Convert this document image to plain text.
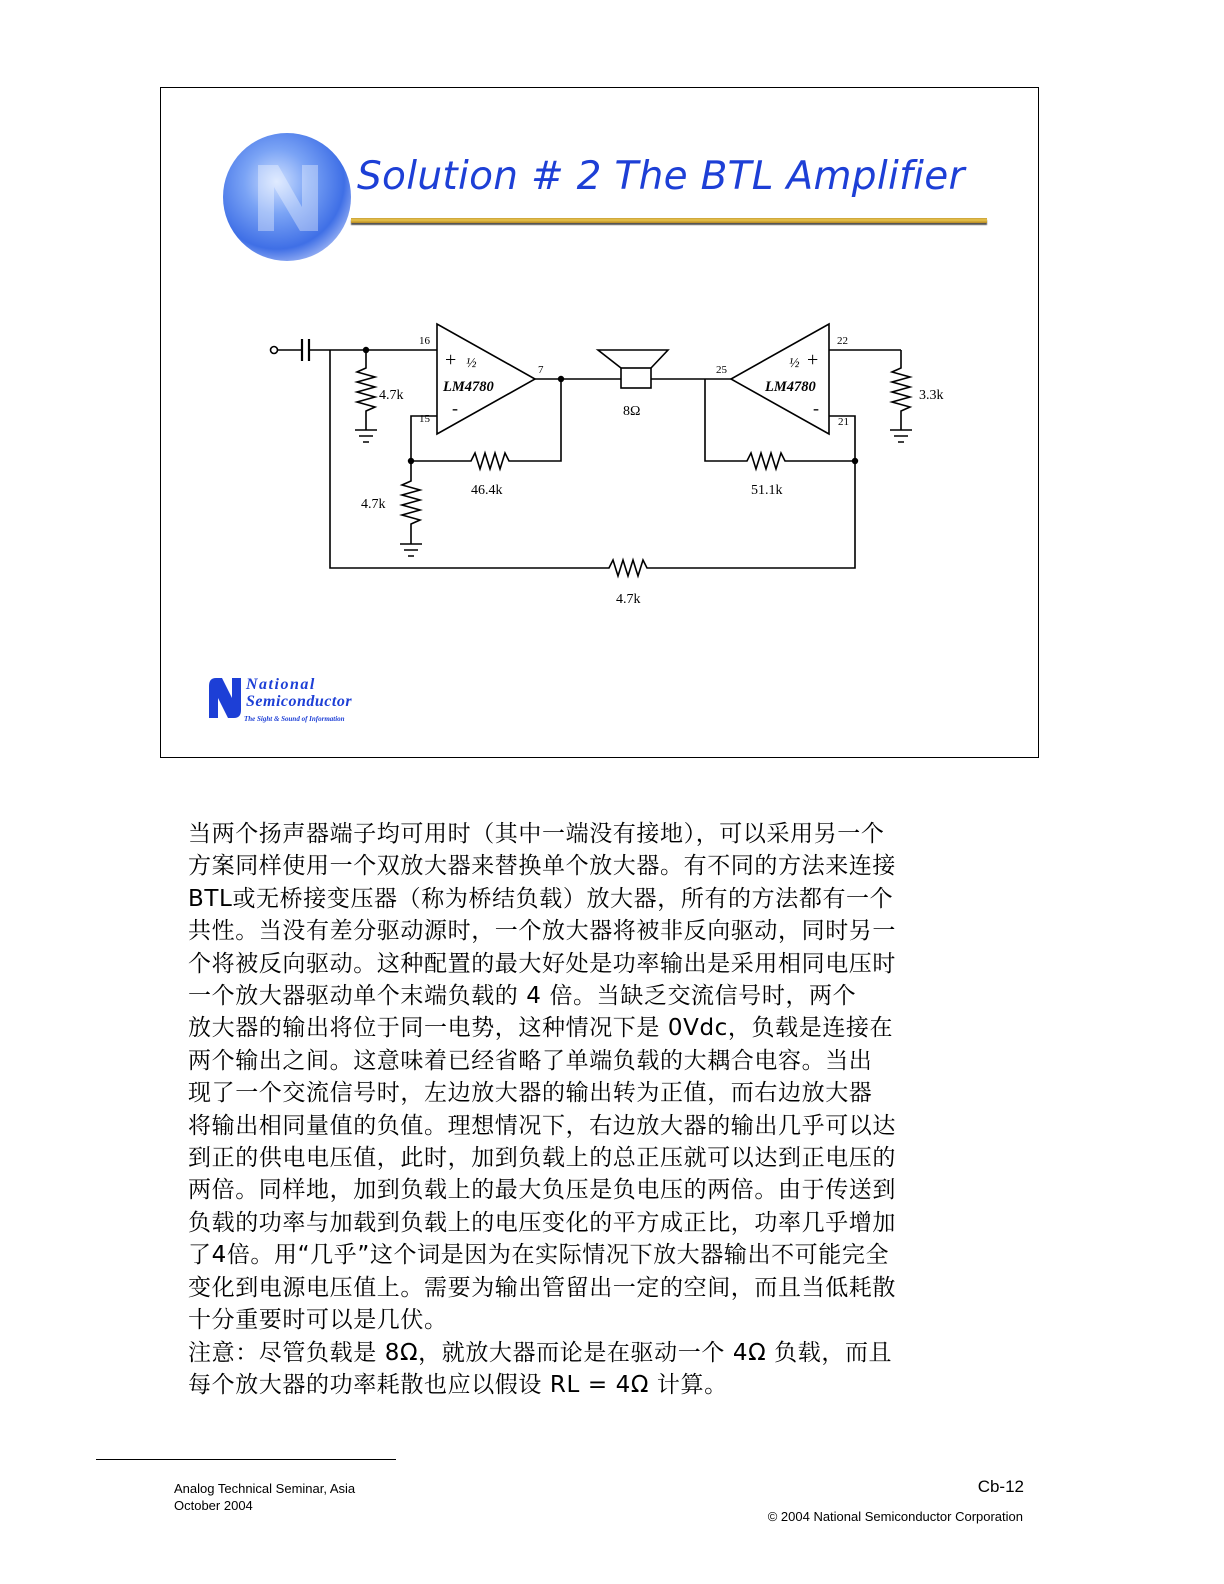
Solution # 2 The BTL Amplifier
+ ½
LM4780
-
16
15
7	½ +
LM4780
-
22
21
25
8Ω
4.7k
46.4k
4.7k
51.1k
3.3k
4.7k
National
Semiconductor
The Sight & Sound of Information
当两个扬声器端子均可用时（其中一端没有接地），可以采用另一个
方案同样使用一个双放大器来替换单个放大器。有不同的方法来连接
BTL或无桥接变压器（称为桥结负载）放大器，所有的方法都有一个
共性。当没有差分驱动源时，一个放大器将被非反向驱动，同时另一
个将被反向驱动。这种配置的最大好处是功率输出是采用相同电压时
一个放大器驱动单个末端负载的 4 倍。当缺乏交流信号时，两个
放大器的输出将位于同一电势，这种情况下是 0Vdc，负载是连接在
两个输出之间。这意味着已经省略了单端负载的大耦合电容。当出
现了一个交流信号时，左边放大器的输出转为正值，而右边放大器
将输出相同量值的负值。理想情况下，右边放大器的输出几乎可以达
到正的供电电压值，此时，加到负载上的总正压就可以达到正电压的
两倍。同样地，加到负载上的最大负压是负电压的两倍。由于传送到
负载的功率与加载到负载上的电压变化的平方成正比，功率几乎增加
了4倍。用“几乎”这个词是因为在实际情况下放大器输出不可能完全
变化到电源电压值上。需要为输出管留出一定的空间，而且当低耗散
十分重要时可以是几伏。
注意：尽管负载是 8Ω，就放大器而论是在驱动一个 4Ω 负载，而且
每个放大器的功率耗散也应以假设 RL = 4Ω 计算。
Analog Technical Seminar, Asia
October 2004
Cb-12
© 2004 National Semiconductor Corporation
